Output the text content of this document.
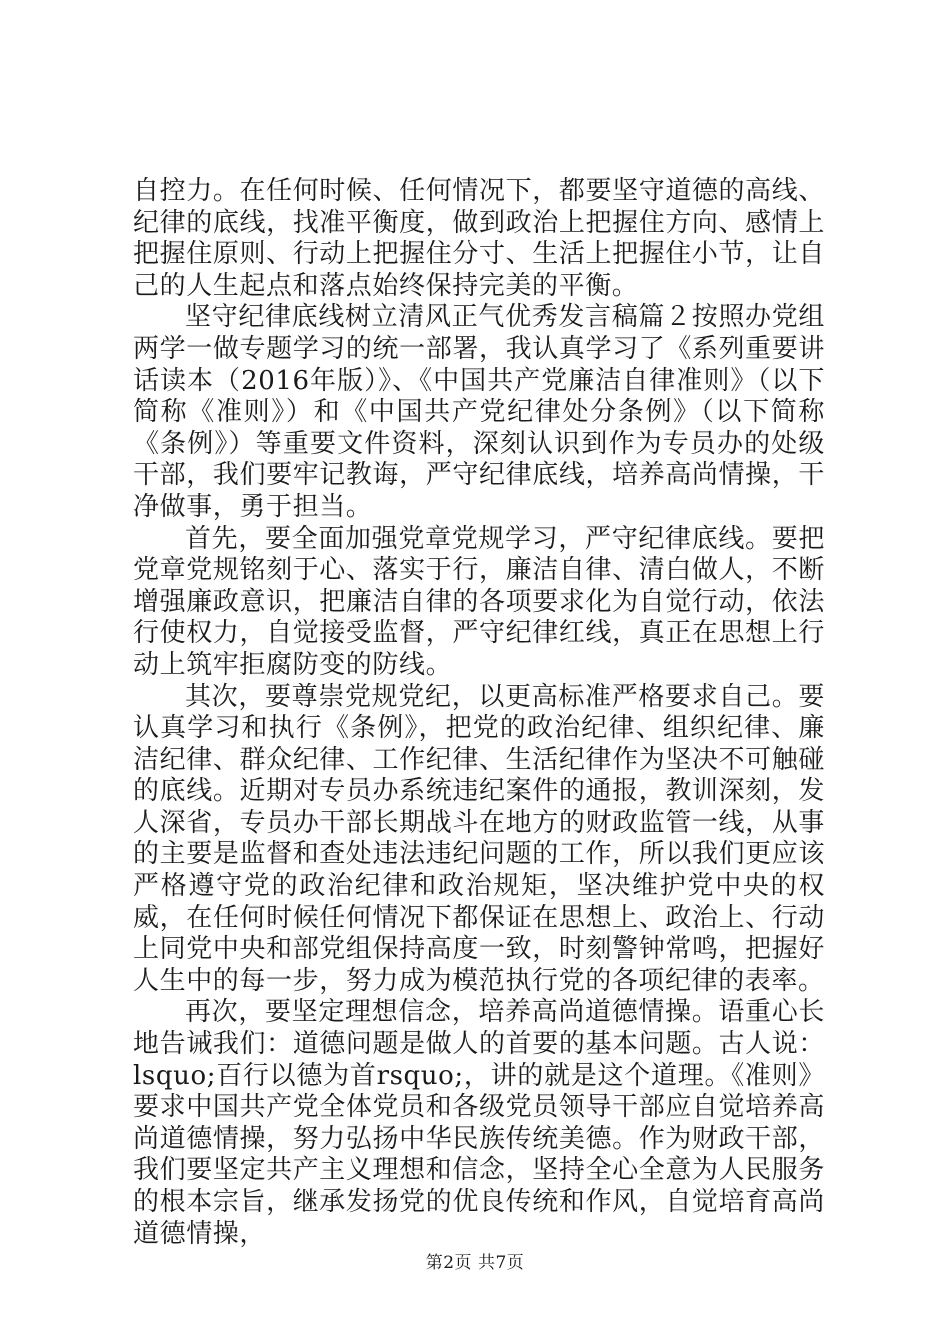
自控力。在任何时候、任何情况下，都要坚守道德的高线、纪律的底线，找准平衡度，做到政治上把握住方向、感情上把握住原则、行动上把握住分寸、生活上把握住小节，让自己的人生起点和落点始终保持完美的平衡。

坚守纪律底线树立清风正气优秀发言稿篇２按照办党组两学一做专题学习的统一部署，我认真学习了《系列重要讲话读本（2016年版）》、《中国共产党廉洁自律准则》（以下简称《准则》）和《中国共产党纪律处分条例》（以下简称《条例》）等重要文件资料，深刻认识到作为专员办的处级干部，我们要牢记教诲，严守纪律底线，培养高尚情操，干净做事，勇于担当。

首先，要全面加强党章党规学习，严守纪律底线。要把党章党规铭刻于心、落实于行，廉洁自律、清白做人，不断增强廉政意识，把廉洁自律的各项要求化为自觉行动，依法行使权力，自觉接受监督，严守纪律红线，真正在思想上行动上筑牢拒腐防变的防线。

其次，要尊崇党规党纪，以更高标准严格要求自己。要认真学习和执行《条例》，把党的政治纪律、组织纪律、廉洁纪律、群众纪律、工作纪律、生活纪律作为坚决不可触碰的底线。近期对专员办系统违纪案件的通报，教训深刻，发人深省，专员办干部长期战斗在地方的财政监管一线，从事的主要是监督和查处违法违纪问题的工作，所以我们更应该严格遵守党的政治纪律和政治规矩，坚决维护党中央的权威，在任何时候任何情况下都保证在思想上、政治上、行动上同党中央和部党组保持高度一致，时刻警钟常鸣，把握好人生中的每一步，努力成为模范执行党的各项纪律的表率。

再次，要坚定理想信念，培养高尚道德情操。语重心长地告诫我们：道德问题是做人的首要的基本问题。古人说：lsquo;百行以德为首rsquo;，讲的就是这个道理。《准则》要求中国共产党全体党员和各级党员领导干部应自觉培养高尚道德情操，努力弘扬中华民族传统美德。作为财政干部，我们要坚定共产主义理想和信念，坚持全心全意为人民服务的根本宗旨，继承发扬党的优良传统和作风，自觉培育高尚道德情操，

第2页 共7页
